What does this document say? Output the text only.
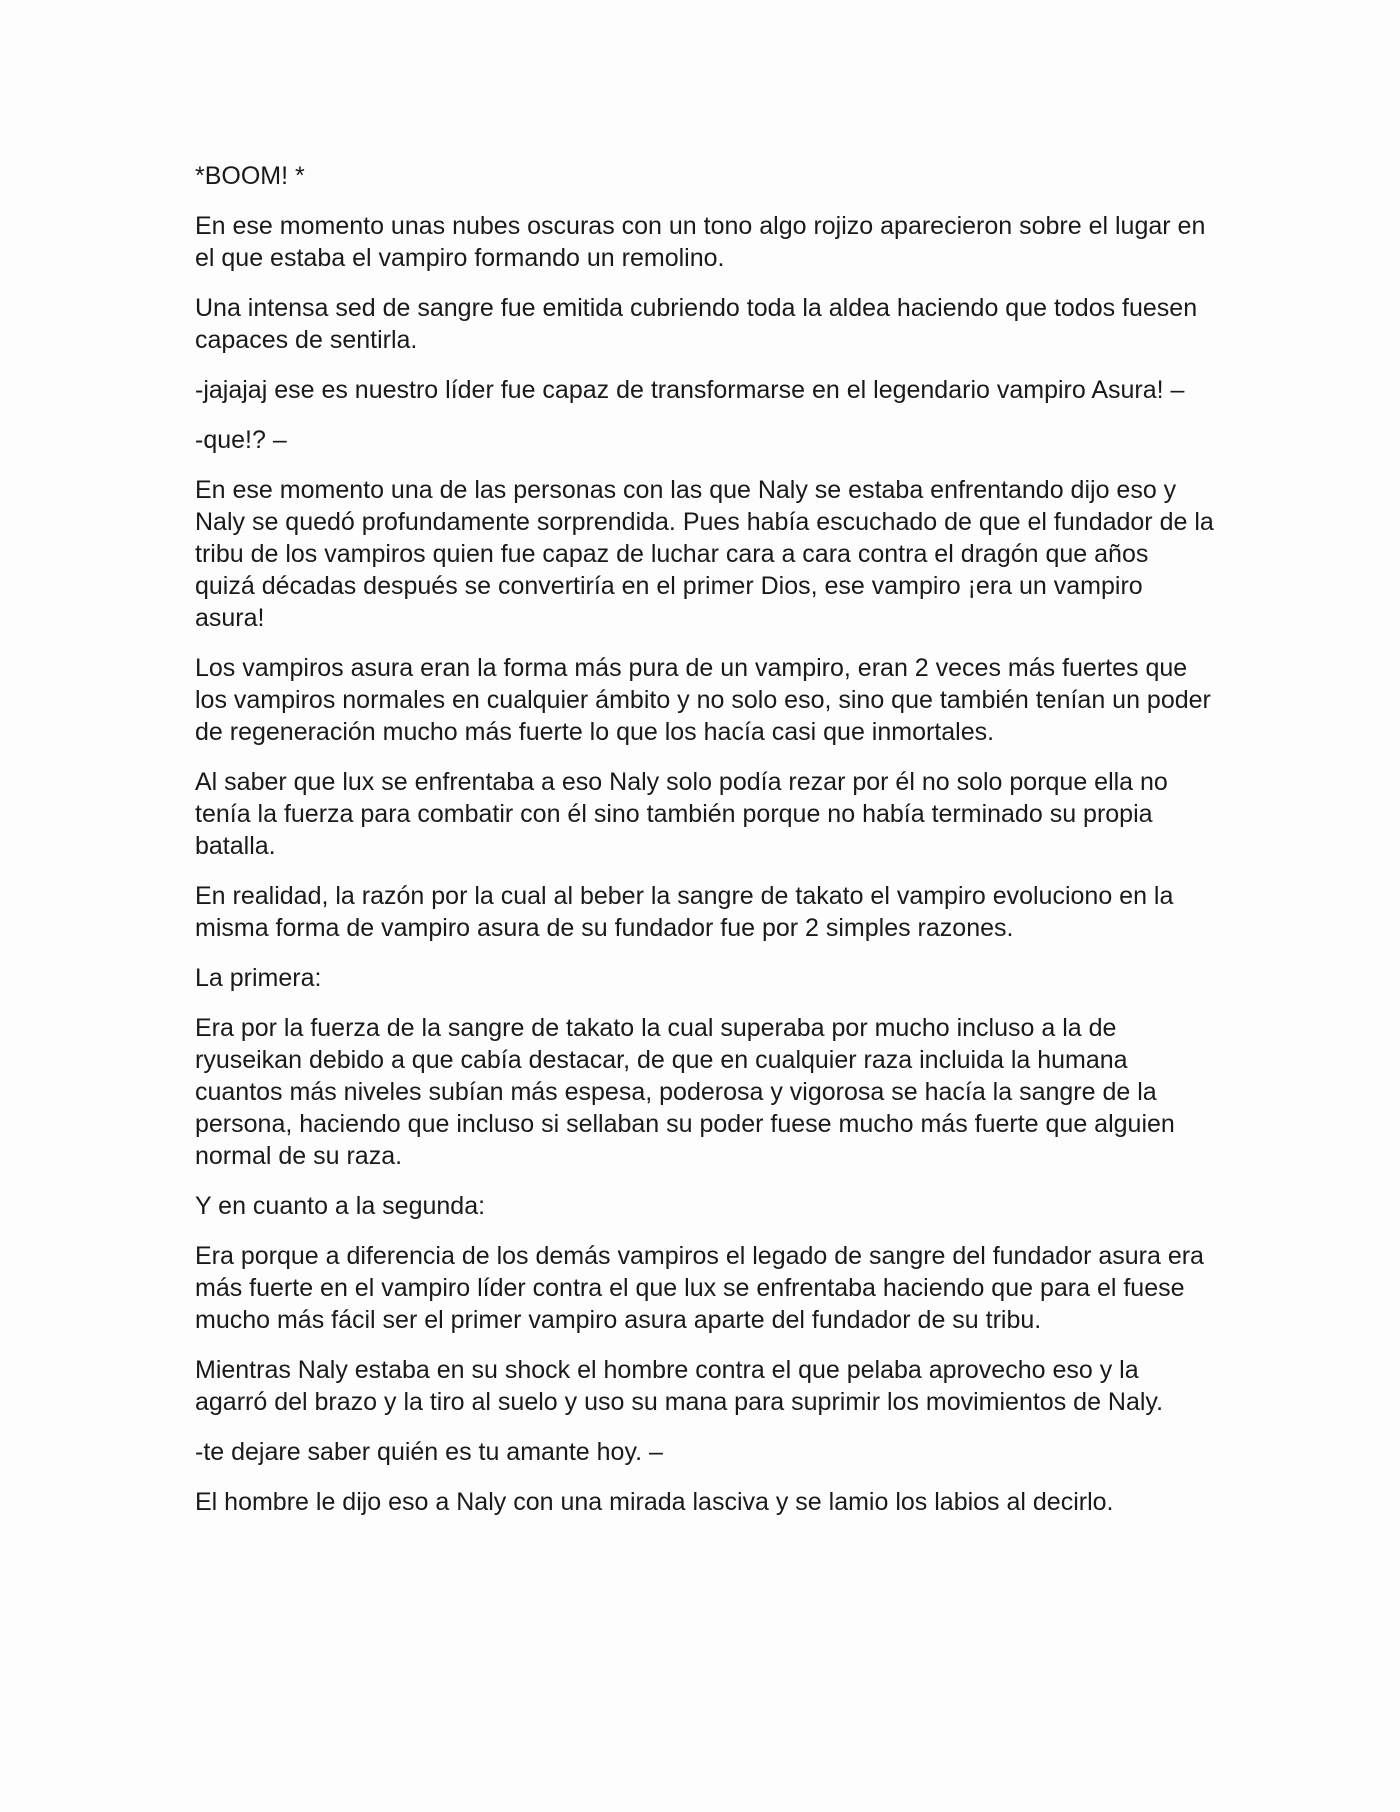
*BOOM! *

En ese momento unas nubes oscuras con un tono algo rojizo aparecieron sobre el lugar en el que estaba el vampiro formando un remolino.

Una intensa sed de sangre fue emitida cubriendo toda la aldea haciendo que todos fuesen capaces de sentirla.

-jajajaj ese es nuestro líder fue capaz de transformarse en el legendario vampiro Asura! –

-que!? –

En ese momento una de las personas con las que Naly se estaba enfrentando dijo eso y Naly se quedó profundamente sorprendida. Pues había escuchado de que el fundador de la tribu de los vampiros quien fue capaz de luchar cara a cara contra el dragón que años quizá décadas después se convertiría en el primer Dios, ese vampiro ¡era un vampiro asura!

Los vampiros asura eran la forma más pura de un vampiro, eran 2 veces más fuertes que los vampiros normales en cualquier ámbito y no solo eso, sino que también tenían un poder de regeneración mucho más fuerte lo que los hacía casi que inmortales.

Al saber que lux se enfrentaba a eso Naly solo podía rezar por él no solo porque ella no tenía la fuerza para combatir con él sino también porque no había terminado su propia batalla.

En realidad, la razón por la cual al beber la sangre de takato el vampiro evoluciono en la misma forma de vampiro asura de su fundador fue por 2 simples razones.

La primera:

Era por la fuerza de la sangre de takato la cual superaba por mucho incluso a la de ryuseikan debido a que cabía destacar, de que en cualquier raza incluida la humana cuantos más niveles subían más espesa, poderosa y vigorosa se hacía la sangre de la persona, haciendo que incluso si sellaban su poder fuese mucho más fuerte que alguien normal de su raza.

Y en cuanto a la segunda:

Era porque a diferencia de los demás vampiros el legado de sangre del fundador asura era más fuerte en el vampiro líder contra el que lux se enfrentaba haciendo que para el fuese mucho más fácil ser el primer vampiro asura aparte del fundador de su tribu.

Mientras Naly estaba en su shock el hombre contra el que pelaba aprovecho eso y la agarró del brazo y la tiro al suelo y uso su mana para suprimir los movimientos de Naly.

-te dejare saber quién es tu amante hoy. –

El hombre le dijo eso a Naly con una mirada lasciva y se lamio los labios al decirlo.
